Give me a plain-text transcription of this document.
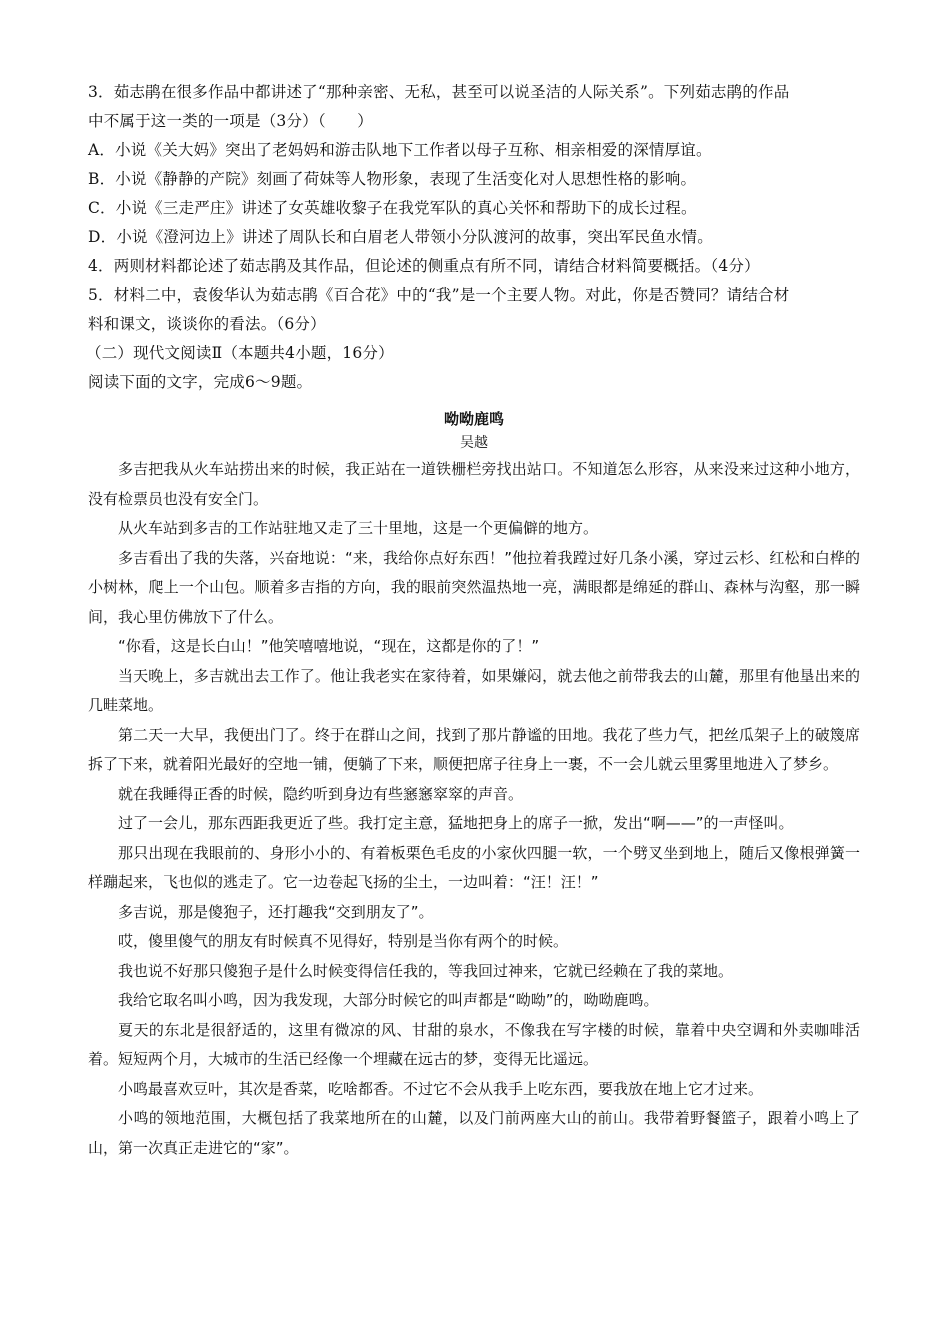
3．茹志鹃在很多作品中都讲述了“那种亲密、无私，甚至可以说圣洁的人际关系”。下列茹志鹃的作品
中不属于这一类的一项是（3分）（　　）
A．小说《关大妈》突出了老妈妈和游击队地下工作者以母子互称、相亲相爱的深情厚谊。
B．小说《静静的产院》刻画了荷妹等人物形象，表现了生活变化对人思想性格的影响。
C．小说《三走严庄》讲述了女英雄收黎子在我党军队的真心关怀和帮助下的成长过程。
D．小说《澄河边上》讲述了周队长和白眉老人带领小分队渡河的故事，突出军民鱼水情。
4．两则材料都论述了茹志鹃及其作品，但论述的侧重点有所不同，请结合材料简要概括。（4分）
5．材料二中，袁俊华认为茹志鹃《百合花》中的“我”是一个主要人物。对此，你是否赞同？请结合材
料和课文，谈谈你的看法。（6分）
（二）现代文阅读Ⅱ（本题共4小题，16分）
阅读下面的文字，完成6～9题。
呦呦鹿鸣
吴越

多吉把我从火车站捞出来的时候，我正站在一道铁栅栏旁找出站口。不知道怎么形容，从来没来过这种小地方，没有检票员也没有安全门。

从火车站到多吉的工作站驻地又走了三十里地，这是一个更偏僻的地方。

多吉看出了我的失落，兴奋地说：“来，我给你点好东西！”他拉着我蹚过好几条小溪，穿过云杉、红松和白桦的小树林，爬上一个山包。顺着多吉指的方向，我的眼前突然温热地一亮，满眼都是绵延的群山、森林与沟壑，那一瞬间，我心里仿佛放下了什么。

“你看，这是长白山！”他笑嘻嘻地说，“现在，这都是你的了！”

当天晚上，多吉就出去工作了。他让我老实在家待着，如果嫌闷，就去他之前带我去的山麓，那里有他垦出来的几畦菜地。

第二天一大早，我便出门了。终于在群山之间，找到了那片静谧的田地。我花了些力气，把丝瓜架子上的破篾席拆了下来，就着阳光最好的空地一铺，便躺了下来，顺便把席子往身上一裹，不一会儿就云里雾里地进入了梦乡。

就在我睡得正香的时候，隐约听到身边有些窸窸窣窣的声音。

过了一会儿，那东西距我更近了些。我打定主意，猛地把身上的席子一掀，发出“啊——”的一声怪叫。

那只出现在我眼前的、身形小小的、有着板栗色毛皮的小家伙四腿一软，一个劈叉坐到地上，随后又像根弹簧一样蹦起来，飞也似的逃走了。它一边卷起飞扬的尘土，一边叫着：“汪！汪！”

多吉说，那是傻狍子，还打趣我“交到朋友了”。

哎，傻里傻气的朋友有时候真不见得好，特别是当你有两个的时候。

我也说不好那只傻狍子是什么时候变得信任我的，等我回过神来，它就已经赖在了我的菜地。

我给它取名叫小鸣，因为我发现，大部分时候它的叫声都是“呦呦”的，呦呦鹿鸣。

夏天的东北是很舒适的，这里有微凉的风、甘甜的泉水，不像我在写字楼的时候，靠着中央空调和外卖咖啡活着。短短两个月，大城市的生活已经像一个埋藏在远古的梦，变得无比遥远。

小鸣最喜欢豆叶，其次是香菜，吃啥都香。不过它不会从我手上吃东西，要我放在地上它才过来。

小鸣的领地范围，大概包括了我菜地所在的山麓，以及门前两座大山的前山。我带着野餐篮子，跟着小鸣上了山，第一次真正走进它的“家”。
